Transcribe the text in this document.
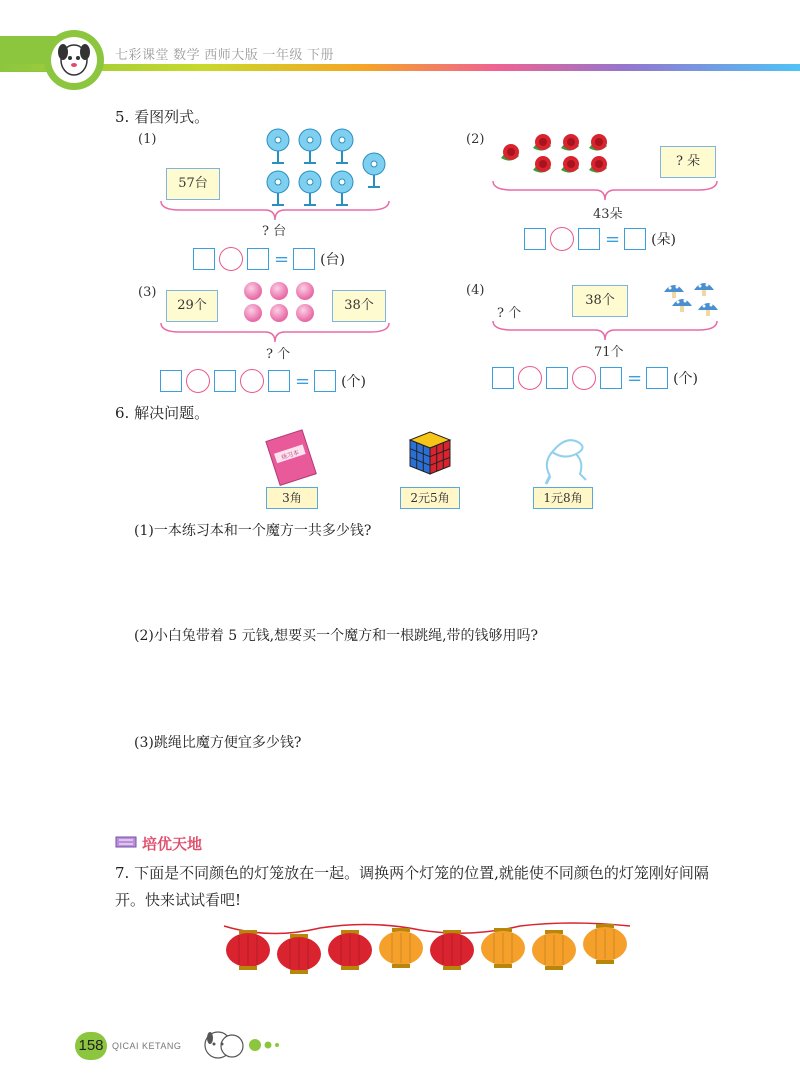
七彩课堂 数学 西师大版 一年级 下册
5. 看图列式。
(1)
57台
? 台
= (台)
(2)
? 朵
43朵
= (朵)
(3)
29个	38个
? 个
= (个)
(4)
? 个
38个
71个
= (个)
6. 解决问题。
练习本
3角	2元5角	1元8角
(1)一本练习本和一个魔方一共多少钱?
(2)小白兔带着 5 元钱,想要买一个魔方和一根跳绳,带的钱够用吗?
(3)跳绳比魔方便宜多少钱?
培优天地
7. 下面是不同颜色的灯笼放在一起。调换两个灯笼的位置,就能使不同颜色的灯笼刚好间隔开。快来试试看吧!
158 QICAI KETANG
